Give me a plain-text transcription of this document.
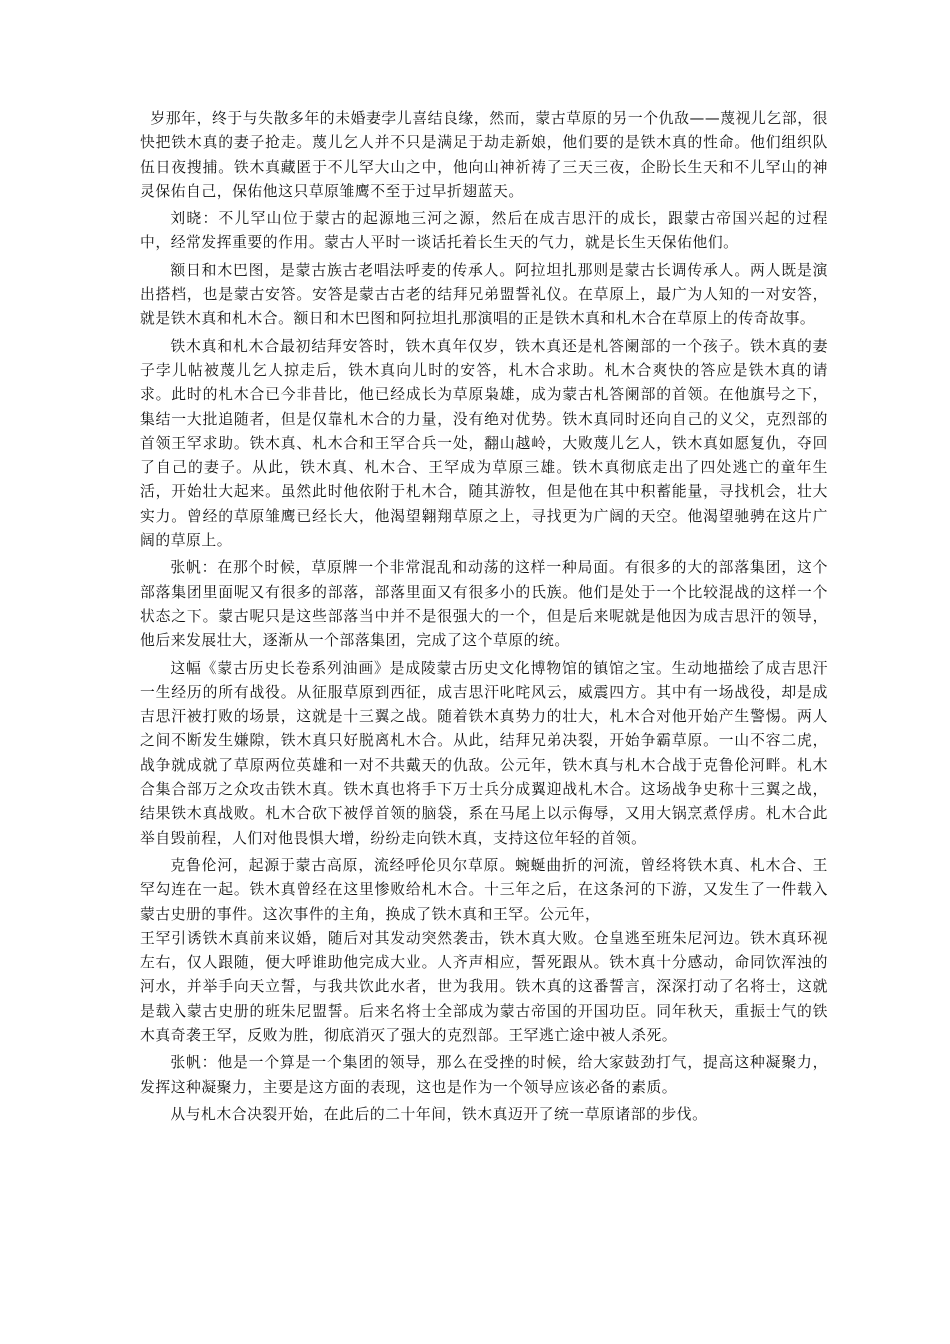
岁那年，终于与失散多年的未婚妻孛儿喜结良缘，然而，蒙古草原的另一个仇敌——蔑视儿乞部，很快把铁木真的妻子抢走。蔑儿乞人并不只是满足于劫走新娘，他们要的是铁木真的性命。他们组织队伍日夜搜捕。铁木真藏匿于不儿罕大山之中，他向山神祈祷了三天三夜，企盼长生天和不儿罕山的神灵保佑自己，保佑他这只草原雏鹰不至于过早折翅蓝天。

刘晓：不儿罕山位于蒙古的起源地三河之源，然后在成吉思汗的成长，跟蒙古帝国兴起的过程中，经常发挥重要的作用。蒙古人平时一谈话托着长生天的气力，就是长生天保佑他们。

额日和木巴图，是蒙古族古老唱法呼麦的传承人。阿拉坦扎那则是蒙古长调传承人。两人既是演出搭档，也是蒙古安答。安答是蒙古古老的结拜兄弟盟誓礼仪。在草原上，最广为人知的一对安答，就是铁木真和札木合。额日和木巴图和阿拉坦扎那演唱的正是铁木真和札木合在草原上的传奇故事。

铁木真和札木合最初结拜安答时，铁木真年仅岁，铁木真还是札答阑部的一个孩子。铁木真的妻子孛儿帖被蔑儿乞人掠走后，铁木真向儿时的安答，札木合求助。札木合爽快的答应是铁木真的请求。此时的札木合已今非昔比，他已经成长为草原枭雄，成为蒙古札答阑部的首领。在他旗号之下，集结一大批追随者，但是仅靠札木合的力量，没有绝对优势。铁木真同时还向自己的义父，克烈部的首领王罕求助。铁木真、札木合和王罕合兵一处，翻山越岭，大败蔑儿乞人，铁木真如愿复仇，夺回了自己的妻子。从此，铁木真、札木合、王罕成为草原三雄。铁木真彻底走出了四处逃亡的童年生活，开始壮大起来。虽然此时他依附于札木合，随其游牧，但是他在其中积蓄能量，寻找机会，壮大实力。曾经的草原雏鹰已经长大，他渴望翱翔草原之上，寻找更为广阔的天空。他渴望驰骋在这片广阔的草原上。

张帆：在那个时候，草原牌一个非常混乱和动荡的这样一种局面。有很多的大的部落集团，这个部落集团里面呢又有很多的部落，部落里面又有很多小的氏族。他们是处于一个比较混战的这样一个状态之下。蒙古呢只是这些部落当中并不是很强大的一个，但是后来呢就是他因为成吉思汗的领导，他后来发展壮大，逐渐从一个部落集团，完成了这个草原的统。

这幅《蒙古历史长卷系列油画》是成陵蒙古历史文化博物馆的镇馆之宝。生动地描绘了成吉思汗一生经历的所有战役。从征服草原到西征，成吉思汗叱咤风云，威震四方。其中有一场战役，却是成吉思汗被打败的场景，这就是十三翼之战。随着铁木真势力的壮大，札木合对他开始产生警惕。两人之间不断发生嫌隙，铁木真只好脱离札木合。从此，结拜兄弟决裂，开始争霸草原。一山不容二虎，战争就成就了草原两位英雄和一对不共戴天的仇敌。公元年，铁木真与札木合战于克鲁伦河畔。札木合集合部万之众攻击铁木真。铁木真也将手下万士兵分成翼迎战札木合。这场战争史称十三翼之战，结果铁木真战败。札木合砍下被俘首领的脑袋，系在马尾上以示侮辱，又用大锅烹煮俘虏。札木合此举自毁前程，人们对他畏惧大增，纷纷走向铁木真，支持这位年轻的首领。

克鲁伦河，起源于蒙古高原，流经呼伦贝尔草原。蜿蜒曲折的河流，曾经将铁木真、札木合、王罕勾连在一起。铁木真曾经在这里惨败给札木合。十三年之后，在这条河的下游，又发生了一件载入蒙古史册的事件。这次事件的主角，换成了铁木真和王罕。公元年，

王罕引诱铁木真前来议婚，随后对其发动突然袭击，铁木真大败。仓皇逃至班朱尼河边。铁木真环视左右，仅人跟随，便大呼谁助他完成大业。人齐声相应，誓死跟从。铁木真十分感动，命同饮浑浊的河水，并举手向天立誓，与我共饮此水者，世为我用。铁木真的这番誓言，深深打动了名将士，这就是载入蒙古史册的班朱尼盟誓。后来名将士全部成为蒙古帝国的开国功臣。同年秋天，重振士气的铁木真奇袭王罕，反败为胜，彻底消灭了强大的克烈部。王罕逃亡途中被人杀死。

张帆：他是一个算是一个集团的领导，那么在受挫的时候，给大家鼓劲打气，提高这种凝聚力，发挥这种凝聚力，主要是这方面的表现，这也是作为一个领导应该必备的素质。

从与札木合决裂开始，在此后的二十年间，铁木真迈开了统一草原诸部的步伐。
